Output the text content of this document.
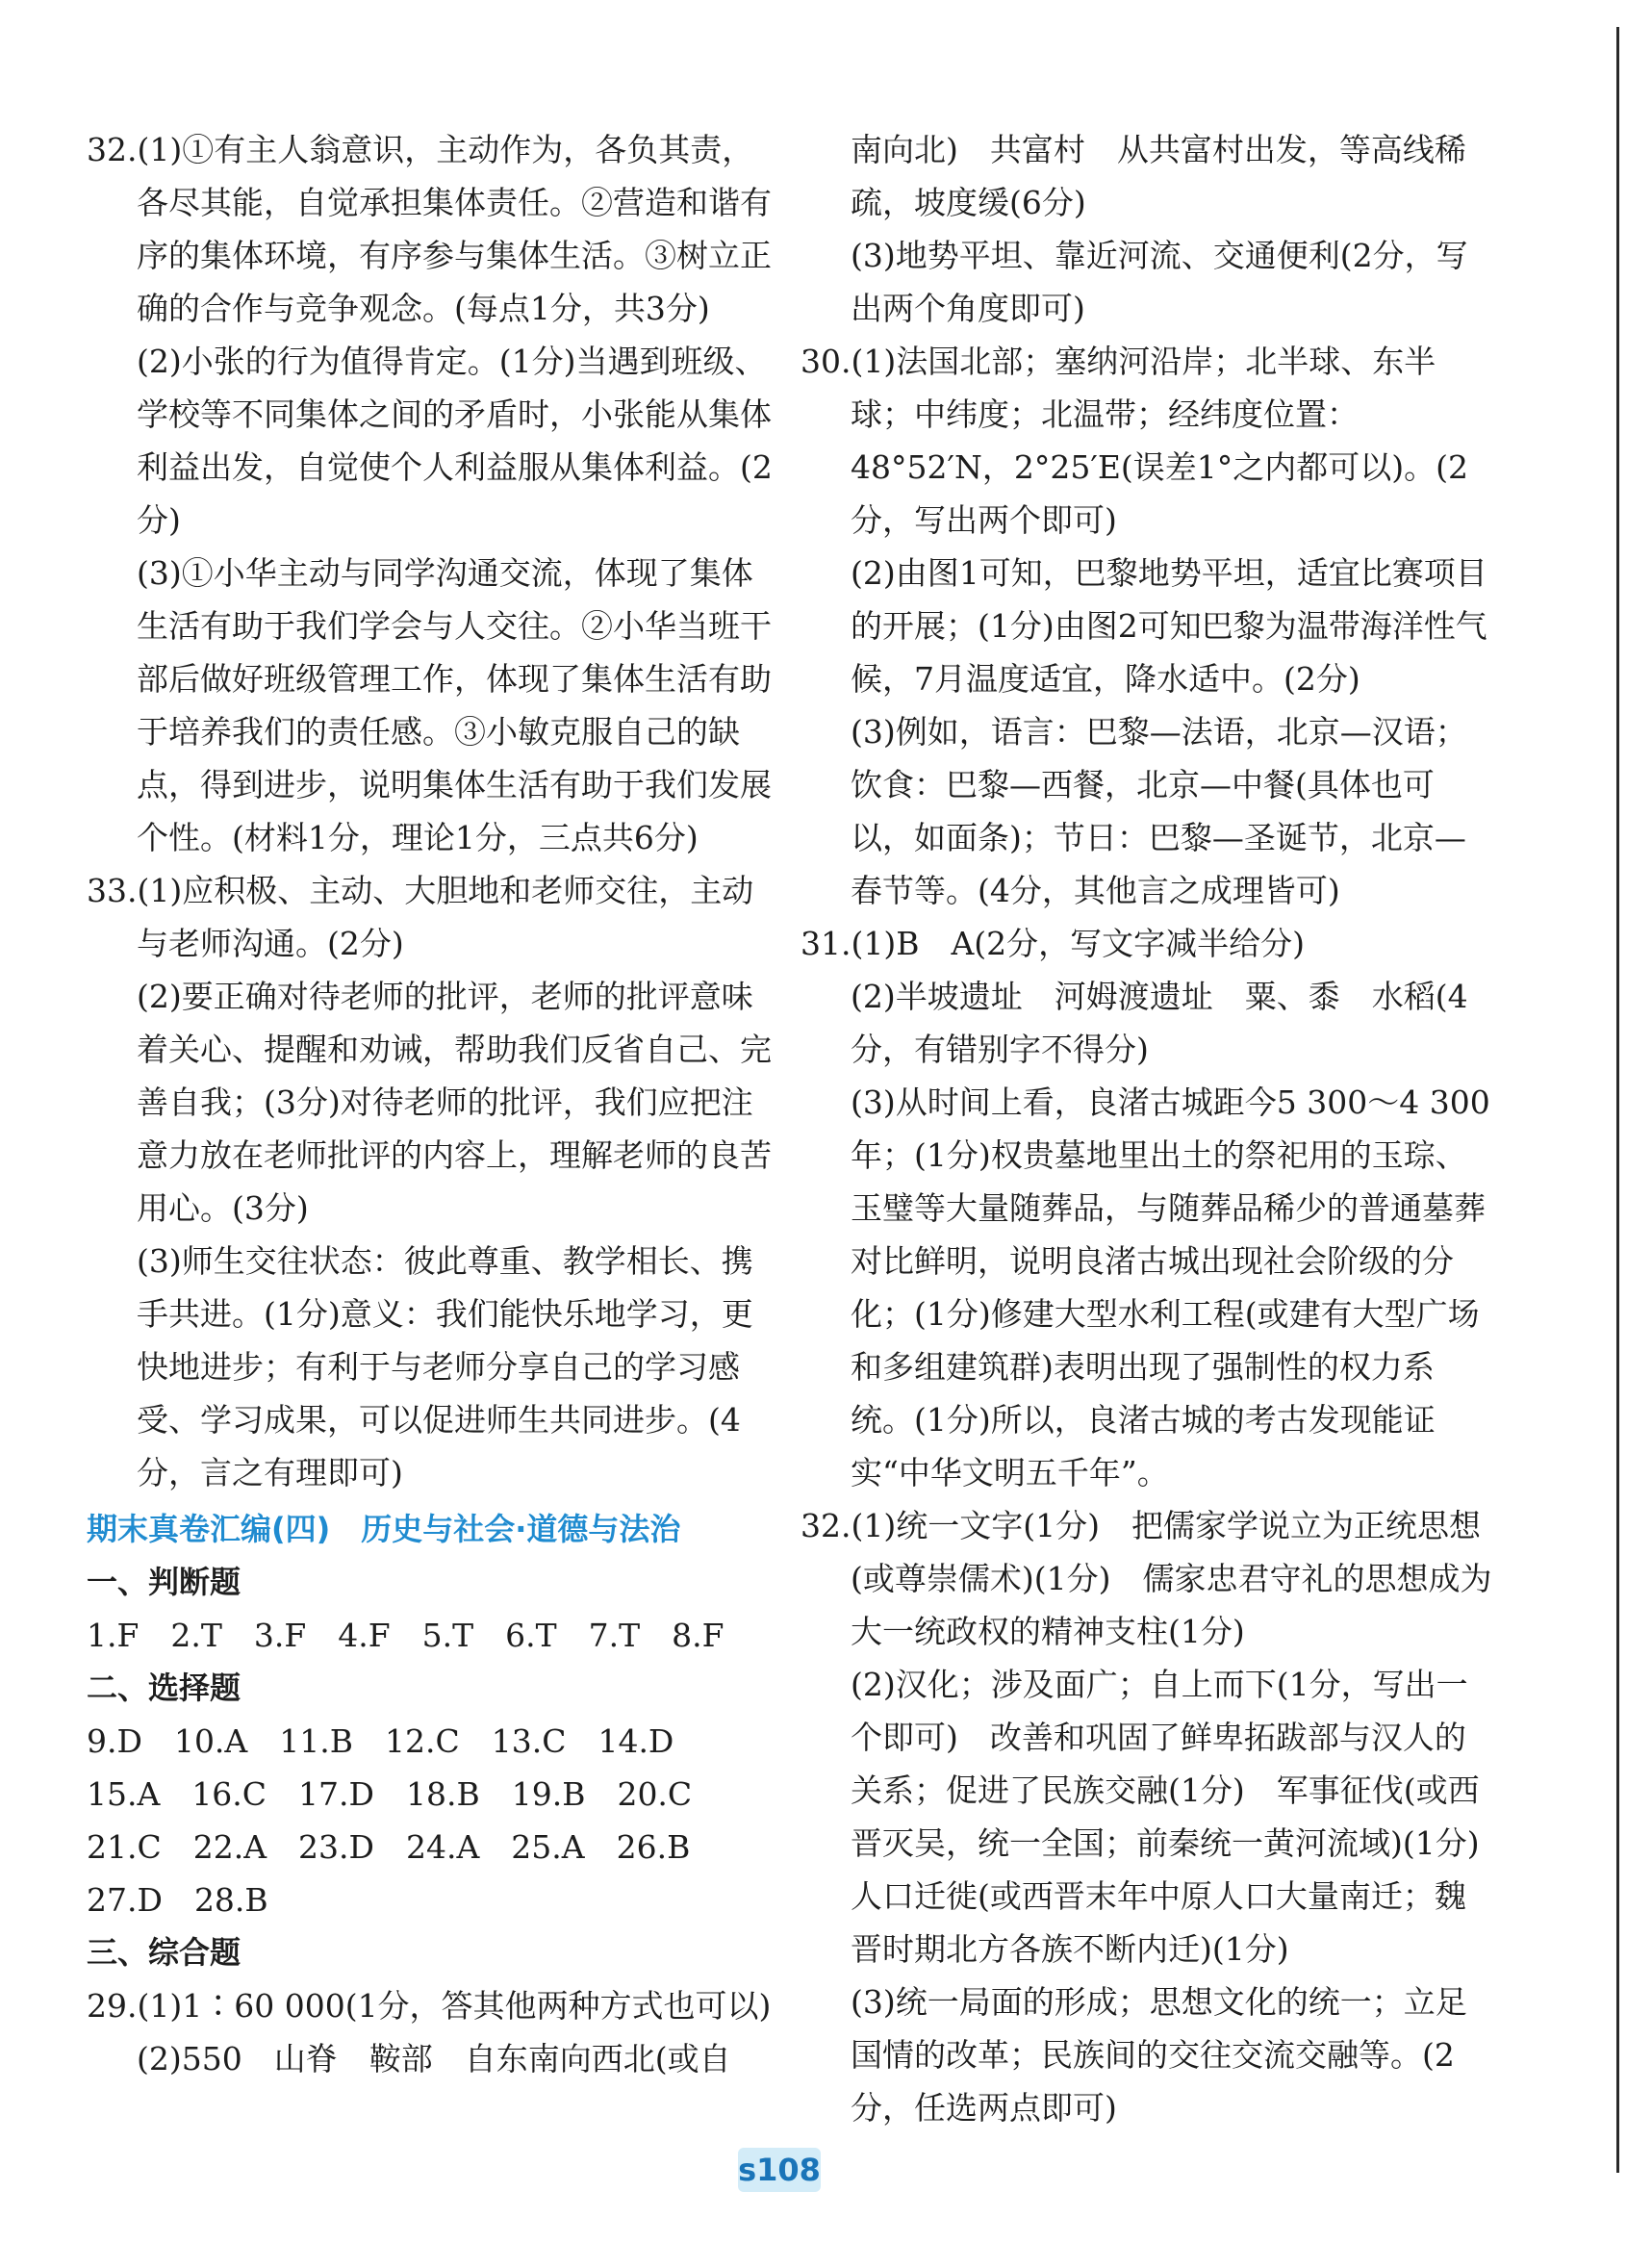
32.(1)①有主人翁意识，主动作为，各负其责，各尽其能，自觉承担集体责任。②营造和谐有序的集体环境，有序参与集体生活。③树立正确的合作与竞争观念。(每点1分，共3分)

(2)小张的行为值得肯定。(1分)当遇到班级、学校等不同集体之间的矛盾时，小张能从集体利益出发，自觉使个人利益服从集体利益。(2分)

(3)①小华主动与同学沟通交流，体现了集体生活有助于我们学会与人交往。②小华当班干部后做好班级管理工作，体现了集体生活有助于培养我们的责任感。③小敏克服自己的缺点，得到进步，说明集体生活有助于我们发展个性。(材料1分，理论1分，三点共6分)

33.(1)应积极、主动、大胆地和老师交往，主动与老师沟通。(2分)

(2)要正确对待老师的批评，老师的批评意味着关心、提醒和劝诫，帮助我们反省自己、完善自我；(3分)对待老师的批评，我们应把注意力放在老师批评的内容上，理解老师的良苦用心。(3分)

(3)师生交往状态：彼此尊重、教学相长、携手共进。(1分)意义：我们能快乐地学习，更快地进步；有利于与老师分享自己的学习感受、学习成果，可以促进师生共同进步。(4分，言之有理即可)

期末真卷汇编(四)　历史与社会·道德与法治

一、判断题

1.F　2.T　3.F　4.F　5.T　6.T　7.T　8.F

二、选择题

9.D　10.A　11.B　12.C　13.C　14.D

15.A　16.C　17.D　18.B　19.B　20.C

21.C　22.A　23.D　24.A　25.A　26.B

27.D　28.B

三、综合题

29.(1)1∶60 000(1分，答其他两种方式也可以)

(2)550　山脊　鞍部　自东南向西北(或自

南向北)　共富村　从共富村出发，等高线稀疏，坡度缓(6分)

(3)地势平坦、靠近河流、交通便利(2分，写出两个角度即可)

30.(1)法国北部；塞纳河沿岸；北半球、东半球；中纬度；北温带；经纬度位置：48°52′N，2°25′E(误差1°之内都可以)。(2分，写出两个即可)

(2)由图1可知，巴黎地势平坦，适宜比赛项目的开展；(1分)由图2可知巴黎为温带海洋性气候，7月温度适宜，降水适中。(2分)

(3)例如，语言：巴黎—法语，北京—汉语；饮食：巴黎—西餐，北京—中餐(具体也可以，如面条)；节日：巴黎—圣诞节，北京—春节等。(4分，其他言之成理皆可)

31.(1)B　A(2分，写文字减半给分)

(2)半坡遗址　河姆渡遗址　粟、黍　水稻(4分，有错别字不得分)

(3)从时间上看，良渚古城距今5 300～4 300年；(1分)权贵墓地里出土的祭祀用的玉琮、玉璧等大量随葬品，与随葬品稀少的普通墓葬对比鲜明，说明良渚古城出现社会阶级的分化；(1分)修建大型水利工程(或建有大型广场和多组建筑群)表明出现了强制性的权力系统。(1分)所以，良渚古城的考古发现能证实“中华文明五千年”。

32.(1)统一文字(1分)　把儒家学说立为正统思想(或尊崇儒术)(1分)　儒家忠君守礼的思想成为大一统政权的精神支柱(1分)

(2)汉化；涉及面广；自上而下(1分，写出一个即可)　改善和巩固了鲜卑拓跋部与汉人的关系；促进了民族交融(1分)　军事征伐(或西晋灭吴，统一全国；前秦统一黄河流域)(1分)　人口迁徙(或西晋末年中原人口大量南迁；魏晋时期北方各族不断内迁)(1分)

(3)统一局面的形成；思想文化的统一；立足国情的改革；民族间的交往交流交融等。(2分，任选两点即可)

s108
